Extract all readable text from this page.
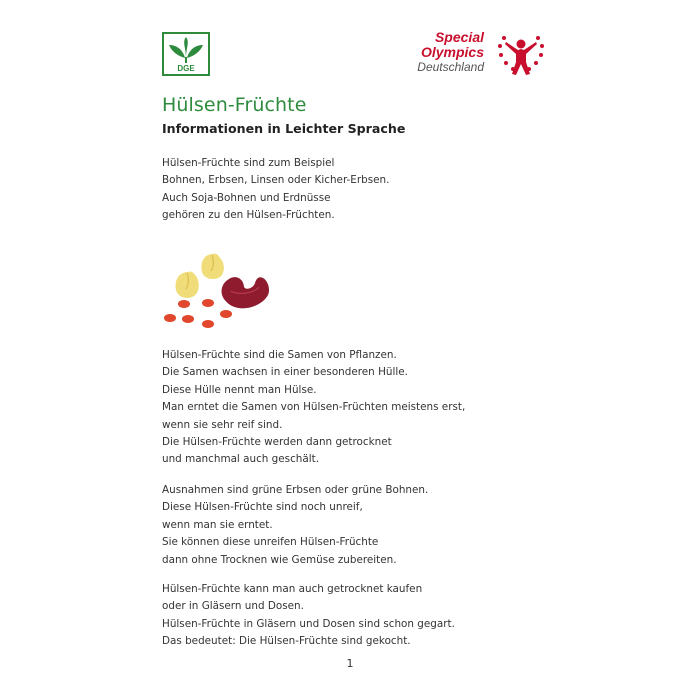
DGE
Special
Olympics
Deutschland
Hülsen-Früchte
Informationen in Leichter Sprache

Hülsen-Früchte sind zum Beispiel
Bohnen, Erbsen, Linsen oder Kicher-Erbsen.
Auch Soja-Bohnen und Erdnüsse
gehören zu den Hülsen-Früchten.

Hülsen-Früchte sind die Samen von Pflanzen.
Die Samen wachsen in einer besonderen Hülle.
Diese Hülle nennt man Hülse.
Man erntet die Samen von Hülsen-Früchten meistens erst,
wenn sie sehr reif sind.
Die Hülsen-Früchte werden dann getrocknet
und manchmal auch geschält.

Ausnahmen sind grüne Erbsen oder grüne Bohnen.
Diese Hülsen-Früchte sind noch unreif,
wenn man sie erntet.
Sie können diese unreifen Hülsen-Früchte
dann ohne Trocknen wie Gemüse zubereiten.

Hülsen-Früchte kann man auch getrocknet kaufen
oder in Gläsern und Dosen.
Hülsen-Früchte in Gläsern und Dosen sind schon gegart.
Das bedeutet: Die Hülsen-Früchte sind gekocht.

1
